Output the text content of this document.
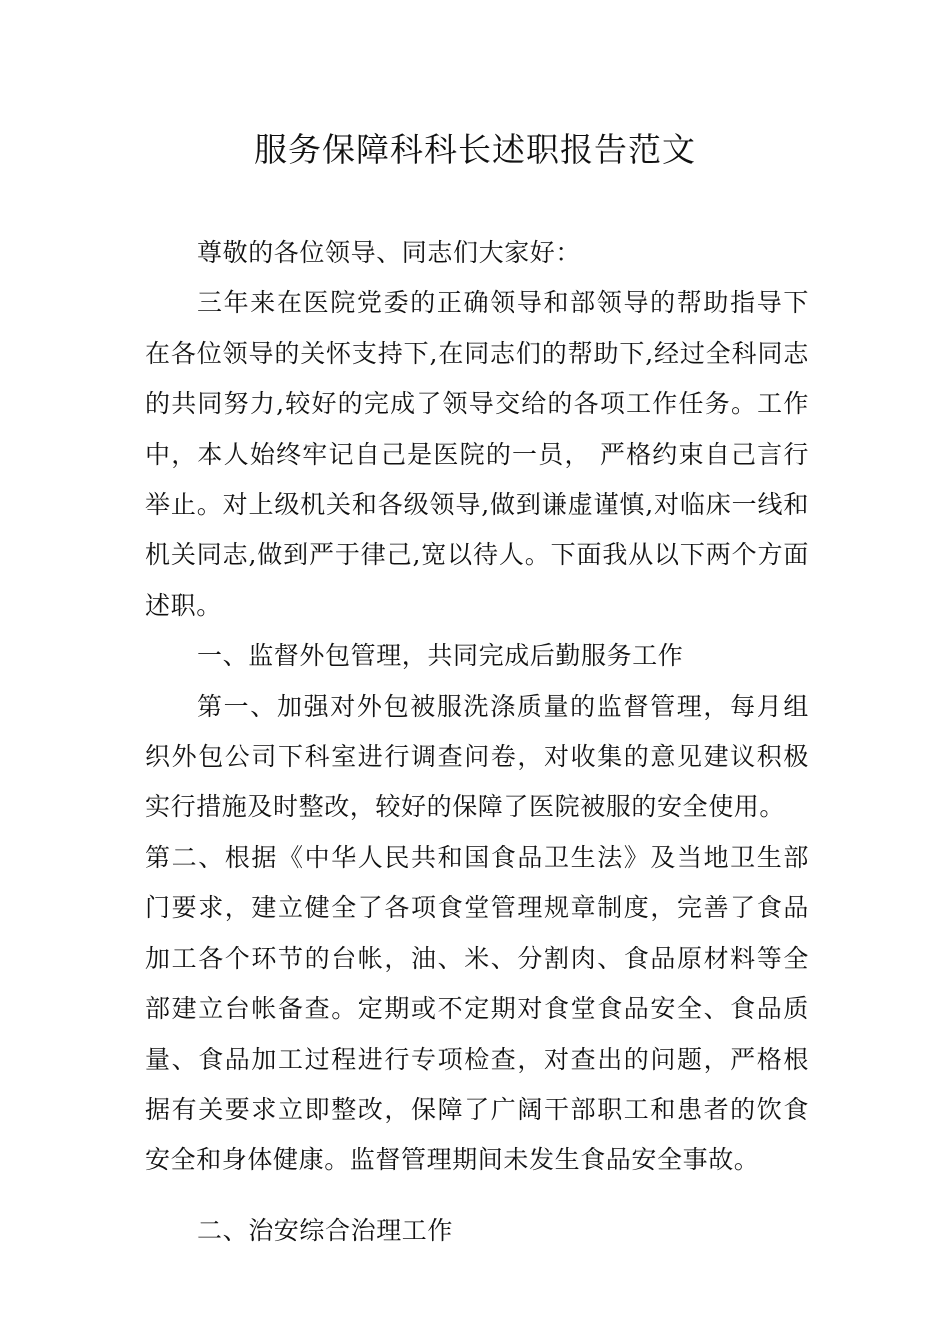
服务保障科科长述职报告范文

尊敬的各位领导、同志们大家好：

三年来在医院党委的正确领导和部领导的帮助指导下在各位领导的关怀支持下,在同志们的帮助下,经过全科同志的共同努力,较好的完成了领导交给的各项工作任务。工作中，本人始终牢记自己是医院的一员， 严格约束自己言行举止。对上级机关和各级领导,做到谦虚谨慎,对临床一线和机关同志,做到严于律己,宽以待人。下面我从以下两个方面述职。

一、监督外包管理，共同完成后勤服务工作

第一、加强对外包被服洗涤质量的监督管理，每月组织外包公司下科室进行调查问卷，对收集的意见建议积极实行措施及时整改，较好的保障了医院被服的安全使用。

第二、根据《中华人民共和国食品卫生法》及当地卫生部门要求，建立健全了各项食堂管理规章制度，完善了食品加工各个环节的台帐，油、米、分割肉、食品原材料等全部建立台帐备查。定期或不定期对食堂食品安全、食品质量、食品加工过程进行专项检查，对查出的问题，严格根据有关要求立即整改，保障了广阔干部职工和患者的饮食安全和身体健康。监督管理期间未发生食品安全事故。

二、治安综合治理工作
